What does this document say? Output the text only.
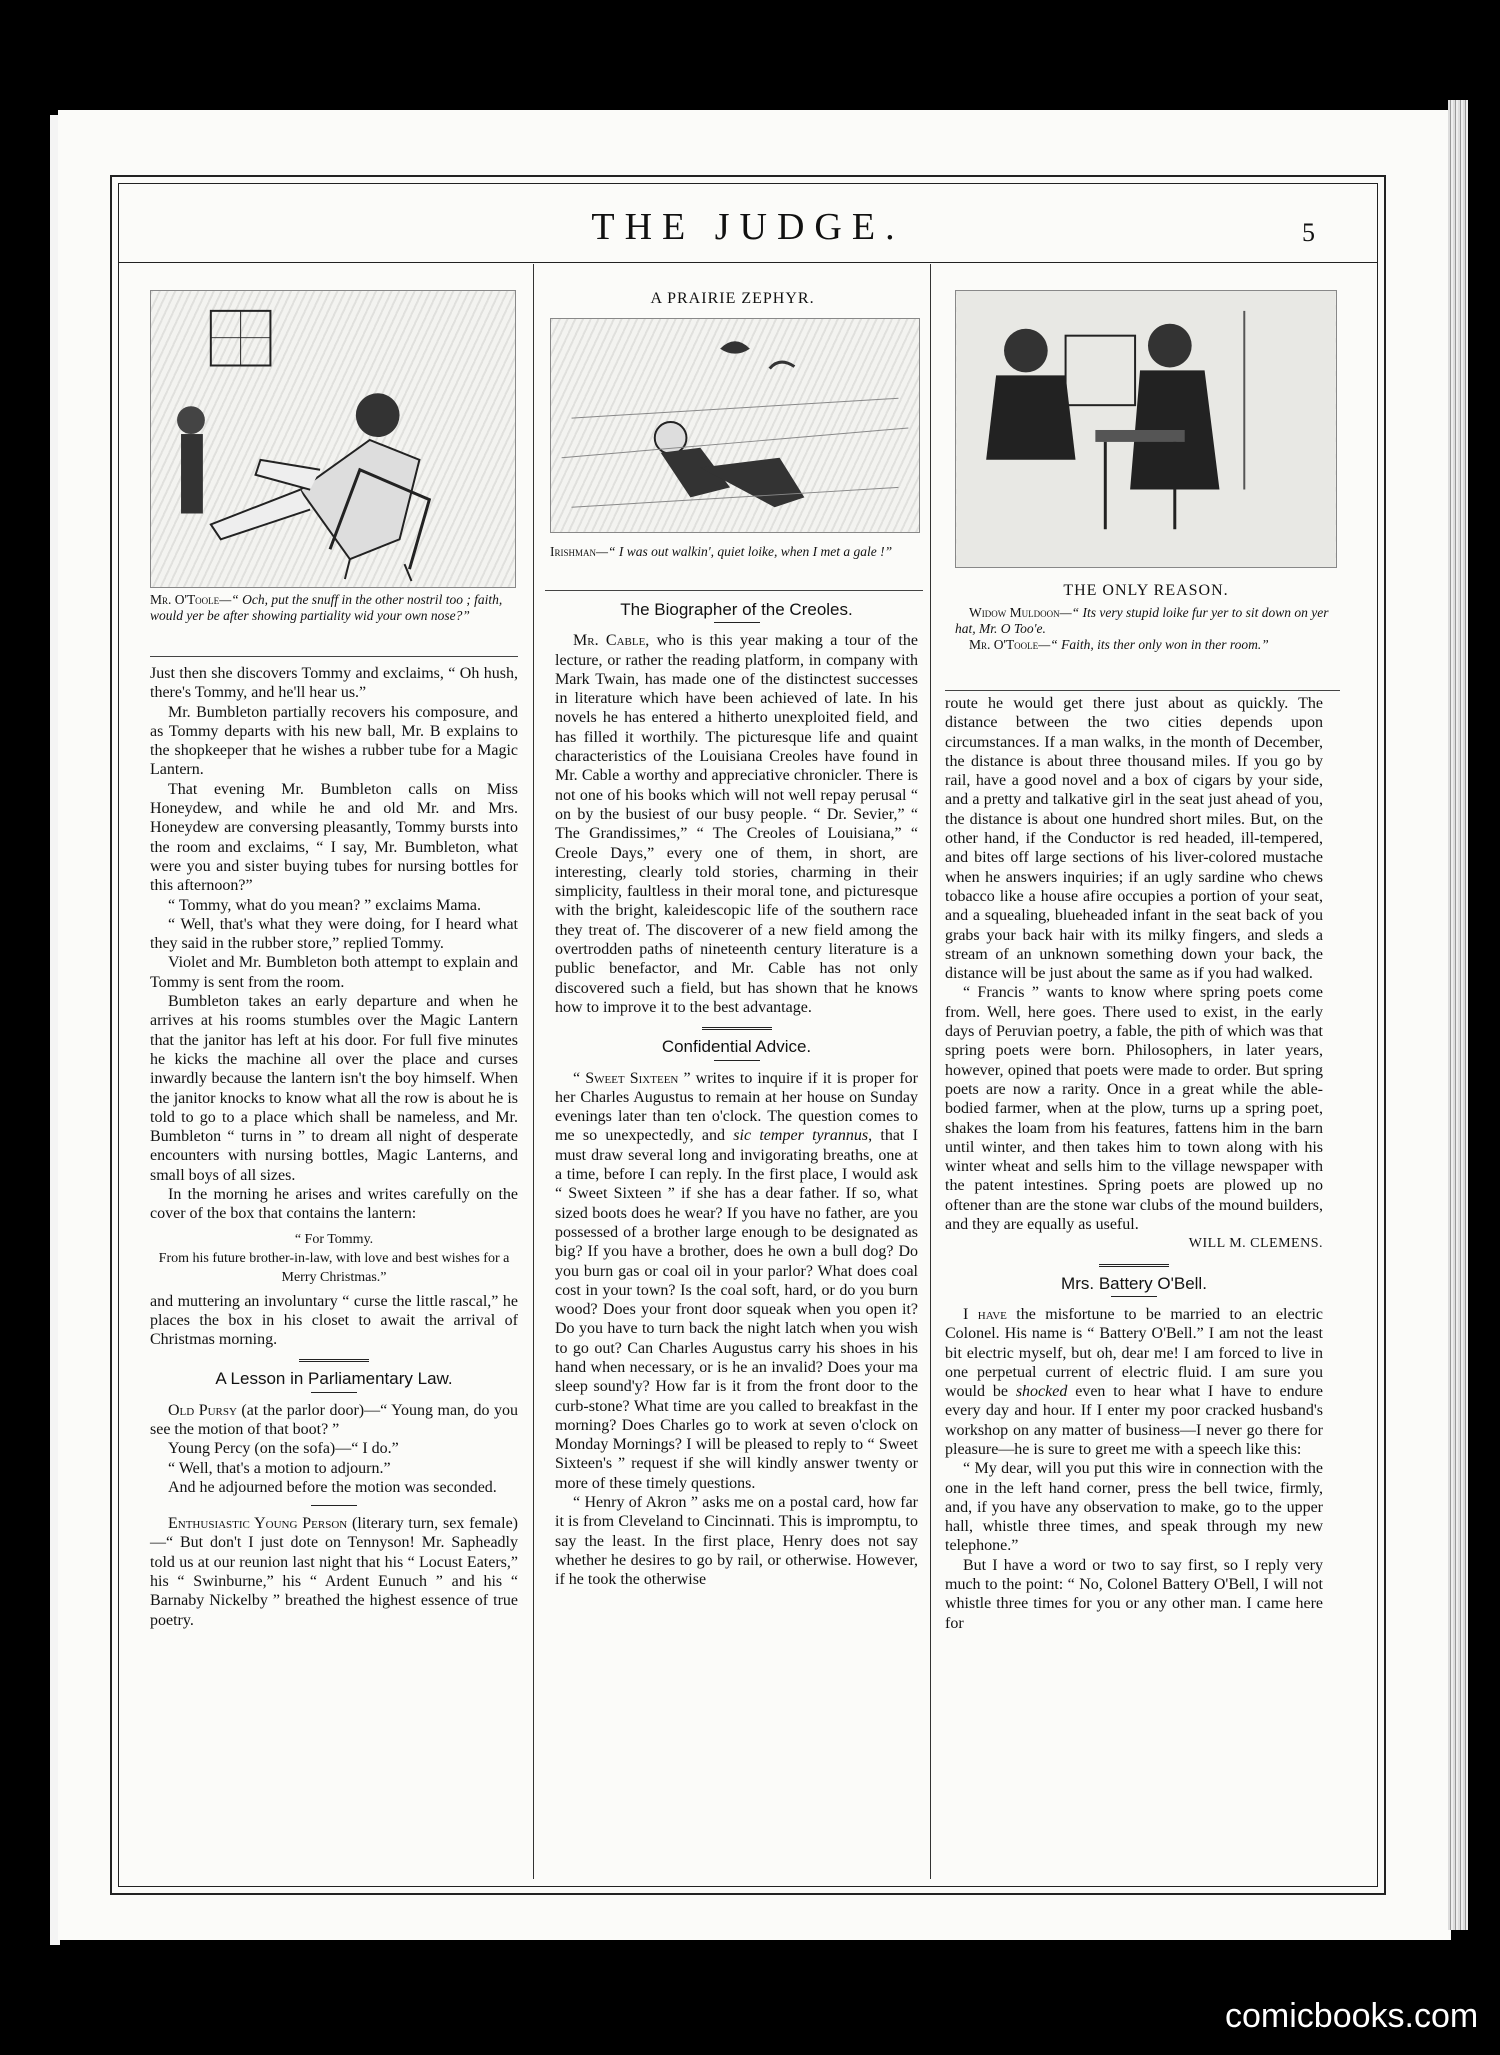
THE JUDGE.	5
Mr. O'Toole—“ Och, put the snuff in the other nostril too ; faith, would yer be after showing partiality wid your own nose?”

Just then she discovers Tommy and exclaims, “ Oh hush, there's Tommy, and he'll hear us.”

Mr. Bumbleton partially recovers his composure, and as Tommy departs with his new ball, Mr. B explains to the shopkeeper that he wishes a rubber tube for a Magic Lantern.

That evening Mr. Bumbleton calls on Miss Honeydew, and while he and old Mr. and Mrs. Honeydew are conversing pleasantly, Tommy bursts into the room and exclaims, “ I say, Mr. Bumbleton, what were you and sister buying tubes for nursing bottles for this afternoon?”

“ Tommy, what do you mean? ” exclaims Mama.

“ Well, that's what they were doing, for I heard what they said in the rubber store,” replied Tommy.

Violet and Mr. Bumbleton both attempt to explain and Tommy is sent from the room.

Bumbleton takes an early departure and when he arrives at his rooms stumbles over the Magic Lantern that the janitor has left at his door. For full five minutes he kicks the machine all over the place and curses inwardly because the lantern isn't the boy himself. When the janitor knocks to know what all the row is about he is told to go to a place which shall be nameless, and Mr. Bumbleton “ turns in ” to dream all night of desperate encounters with nursing bottles, Magic Lanterns, and small boys of all sizes.

In the morning he arises and writes carefully on the cover of the box that contains the lantern:

“ For Tommy.

From his future brother-in-law, with love and best wishes for a

Merry Christmas.”

and muttering an involuntary “ curse the little rascal,” he places the box in his closet to await the arrival of Christmas morning.

A Lesson in Parliamentary Law.

Old Pursy (at the parlor door)—“ Young man, do you see the motion of that boot? ”

Young Percy (on the sofa)—“ I do.”

“ Well, that's a motion to adjourn.”

And he adjourned before the motion was seconded.

Enthusiastic Young Person (literary turn, sex female)—“ But don't I just dote on Tennyson! Mr. Sapheadly told us at our reunion last night that his “ Locust Eaters,” his “ Swinburne,” his “ Ardent Eunuch ” and his “ Barnaby Nickelby ” breathed the highest essence of true poetry.

A PRAIRIE ZEPHYR.
Irishman—“ I was out walkin', quiet loike, when I met a gale !”

The Biographer of the Creoles.

Mr. Cable, who is this year making a tour of the lecture, or rather the reading platform, in company with Mark Twain, has made one of the distinctest successes in literature which have been achieved of late. In his novels he has entered a hitherto unexploited field, and has filled it worthily. The picturesque life and quaint characteristics of the Louisiana Creoles have found in Mr. Cable a worthy and appreciative chronicler. There is not one of his books which will not well repay perusal “ on by the busiest of our busy people. “ Dr. Sevier,” “ The Grandissimes,” “ The Creoles of Louisiana,” “ Creole Days,” every one of them, in short, are interesting, clearly told stories, charming in their simplicity, faultless in their moral tone, and picturesque with the bright, kaleidescopic life of the southern race they treat of. The discoverer of a new field among the overtrodden paths of nineteenth century literature is a public benefactor, and Mr. Cable has not only discovered such a field, but has shown that he knows how to improve it to the best advantage.

Confidential Advice.

“ Sweet Sixteen ” writes to inquire if it is proper for her Charles Augustus to remain at her house on Sunday evenings later than ten o'clock. The question comes to me so unexpectedly, and sic temper tyrannus, that I must draw several long and invigorating breaths, one at a time, before I can reply. In the first place, I would ask “ Sweet Sixteen ” if she has a dear father. If so, what sized boots does he wear? If you have no father, are you possessed of a brother large enough to be designated as big? If you have a brother, does he own a bull dog? Do you burn gas or coal oil in your parlor? What does coal cost in your town? Is the coal soft, hard, or do you burn wood? Does your front door squeak when you open it? Do you have to turn back the night latch when you wish to go out? Can Charles Augustus carry his shoes in his hand when necessary, or is he an invalid? Does your ma sleep sound'y? How far is it from the front door to the curb-stone? What time are you called to breakfast in the morning? Does Charles go to work at seven o'clock on Monday Mornings? I will be pleased to reply to “ Sweet Sixteen's ” request if she will kindly answer twenty or more of these timely questions.

“ Henry of Akron ” asks me on a postal card, how far it is from Cleveland to Cincinnati. This is impromptu, to say the least. In the first place, Henry does not say whether he desires to go by rail, or otherwise. However, if he took the otherwise

THE ONLY REASON.
Widow Muldoon—“ Its very stupid loike fur yer to sit down on yer hat, Mr. O Too'e.
Mr. O'Toole—“ Faith, its ther only won in ther room.”

route he would get there just about as quickly. The distance between the two cities depends upon circumstances. If a man walks, in the month of December, the distance is about three thousand miles. If you go by rail, have a good novel and a box of cigars by your side, and a pretty and talkative girl in the seat just ahead of you, the distance is about one hundred short miles. But, on the other hand, if the Conductor is red headed, ill-tempered, and bites off large sections of his liver-colored mustache when he answers inquiries; if an ugly sardine who chews tobacco like a house afire occupies a portion of your seat, and a squealing, blueheaded infant in the seat back of you grabs your back hair with its milky fingers, and sleds a stream of an unknown something down your back, the distance will be just about the same as if you had walked.

“ Francis ” wants to know where spring poets come from. Well, here goes. There used to exist, in the early days of Peruvian poetry, a fable, the pith of which was that spring poets were born. Philosophers, in later years, however, opined that poets were made to order. But spring poets are now a rarity. Once in a great while the able-bodied farmer, when at the plow, turns up a spring poet, shakes the loam from his features, fattens him in the barn until winter, and then takes him to town along with his winter wheat and sells him to the village newspaper with the patent intestines. Spring poets are plowed up no oftener than are the stone war clubs of the mound builders, and they are equally as useful.

WILL M. CLEMENS.

Mrs. Battery O'Bell.

I have the misfortune to be married to an electric Colonel. His name is “ Battery O'Bell.” I am not the least bit electric myself, but oh, dear me! I am forced to live in one perpetual current of electric fluid. I am sure you would be shocked even to hear what I have to endure every day and hour. If I enter my poor cracked husband's workshop on any matter of business—I never go there for pleasure—he is sure to greet me with a speech like this:

“ My dear, will you put this wire in connection with the one in the left hand corner, press the bell twice, firmly, and, if you have any observation to make, go to the upper hall, whistle three times, and speak through my new telephone.”

But I have a word or two to say first, so I reply very much to the point: “ No, Colonel Battery O'Bell, I will not whistle three times for you or any other man. I came here for

comicbooks.com
